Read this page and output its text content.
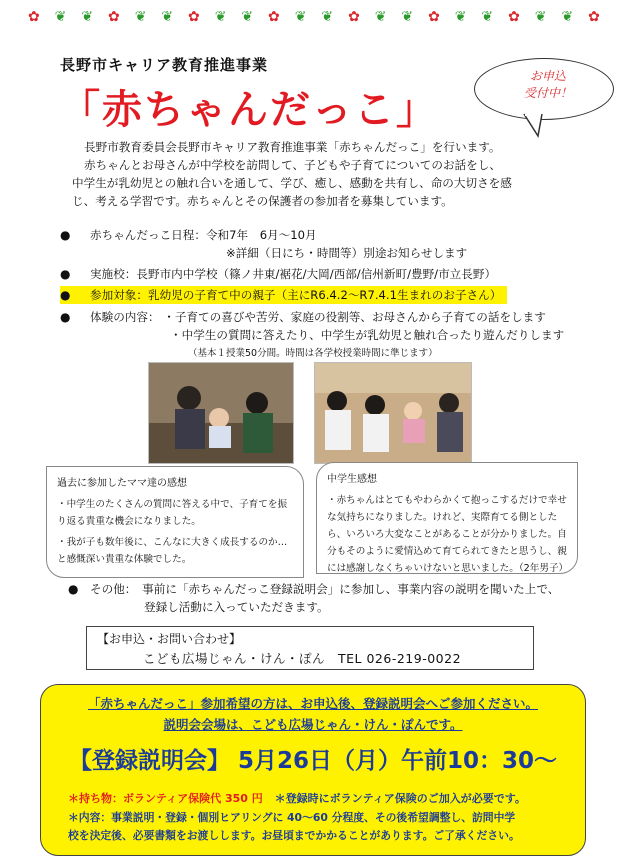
✿ ❦ ❦ ✿ ❦ ❦ ✿ ❦ ❦ ✿ ❦ ❦ ✿ ❦ ❦ ✿ ❦ ❦ ✿ ❦ ❦ ✿
長野市キャリア教育推進事業
「赤ちゃんだっこ」
お申込
受付中！
長野市教育委員会長野市キャリア教育推進事業「赤ちゃんだっこ」を行います。
赤ちゃんとお母さんが中学校を訪問して、子どもや子育てについてのお話をし、
中学生が乳幼児との触れ合いを通して、学び、癒し、感動を共有し、命の大切さを感
じ、考える学習です。赤ちゃんとその保護者の参加者を募集しています。
● 赤ちゃんだっこ日程：令和7年　6月～10月
※詳細（日にち・時間等）別途お知らせします
● 実施校：長野市内中学校（篠ノ井東/裾花/大岡/西部/信州新町/豊野/市立長野）
● 参加対象：乳幼児の子育て中の親子（主にR6.4.2～R7.4.1生まれのお子さん）
● 体験の内容： ・子育ての喜びや苦労、家庭の役割等、お母さんから子育ての話をします
・中学生の質問に答えたり、中学生が乳幼児と触れ合ったり遊んだりします
（基本１授業50分間。時間は各学校授業時間に準じます）
過去に参加したママ達の感想
・中学生のたくさんの質問に答える中で、子育てを振り返る貴重な機会になりました。
・我が子も数年後に、こんなに大きく成長するのか…と感慨深い貴重な体験でした。
中学生感想
・赤ちゃんはとてもやわらかくて抱っこするだけで幸せな気持ちになりました。けれど、実際育てる側としたら、いろいろ大変なことがあることが分かりました。自分もそのように愛情込めて育てられてきたと思うし、親には感謝しなくちゃいけないと思いました。（2年男子）
● その他：　事前に「赤ちゃんだっこ登録説明会」に参加し、事業内容の説明を聞いた上で、
登録し活動に入っていただきます。
【お申込・お問い合わせ】
こども広場じゃん・けん・ぽん　TEL 026-219-0022
「赤ちゃんだっこ」参加希望の方は、お申込後、登録説明会へご参加ください。
説明会会場は、こども広場じゃん・けん・ぽんです。
【登録説明会】 5月26日（月）午前10：30～
＊持ち物：ボランティア保険代 350 円 ＊登録時にボランティア保険のご加入が必要です。
＊内容：事業説明・登録・個別ヒアリングに 40～60 分程度、その後希望調整し、訪問中学
校を決定後、必要書類をお渡しします。お昼頃までかかることがあります。ご了承ください。
